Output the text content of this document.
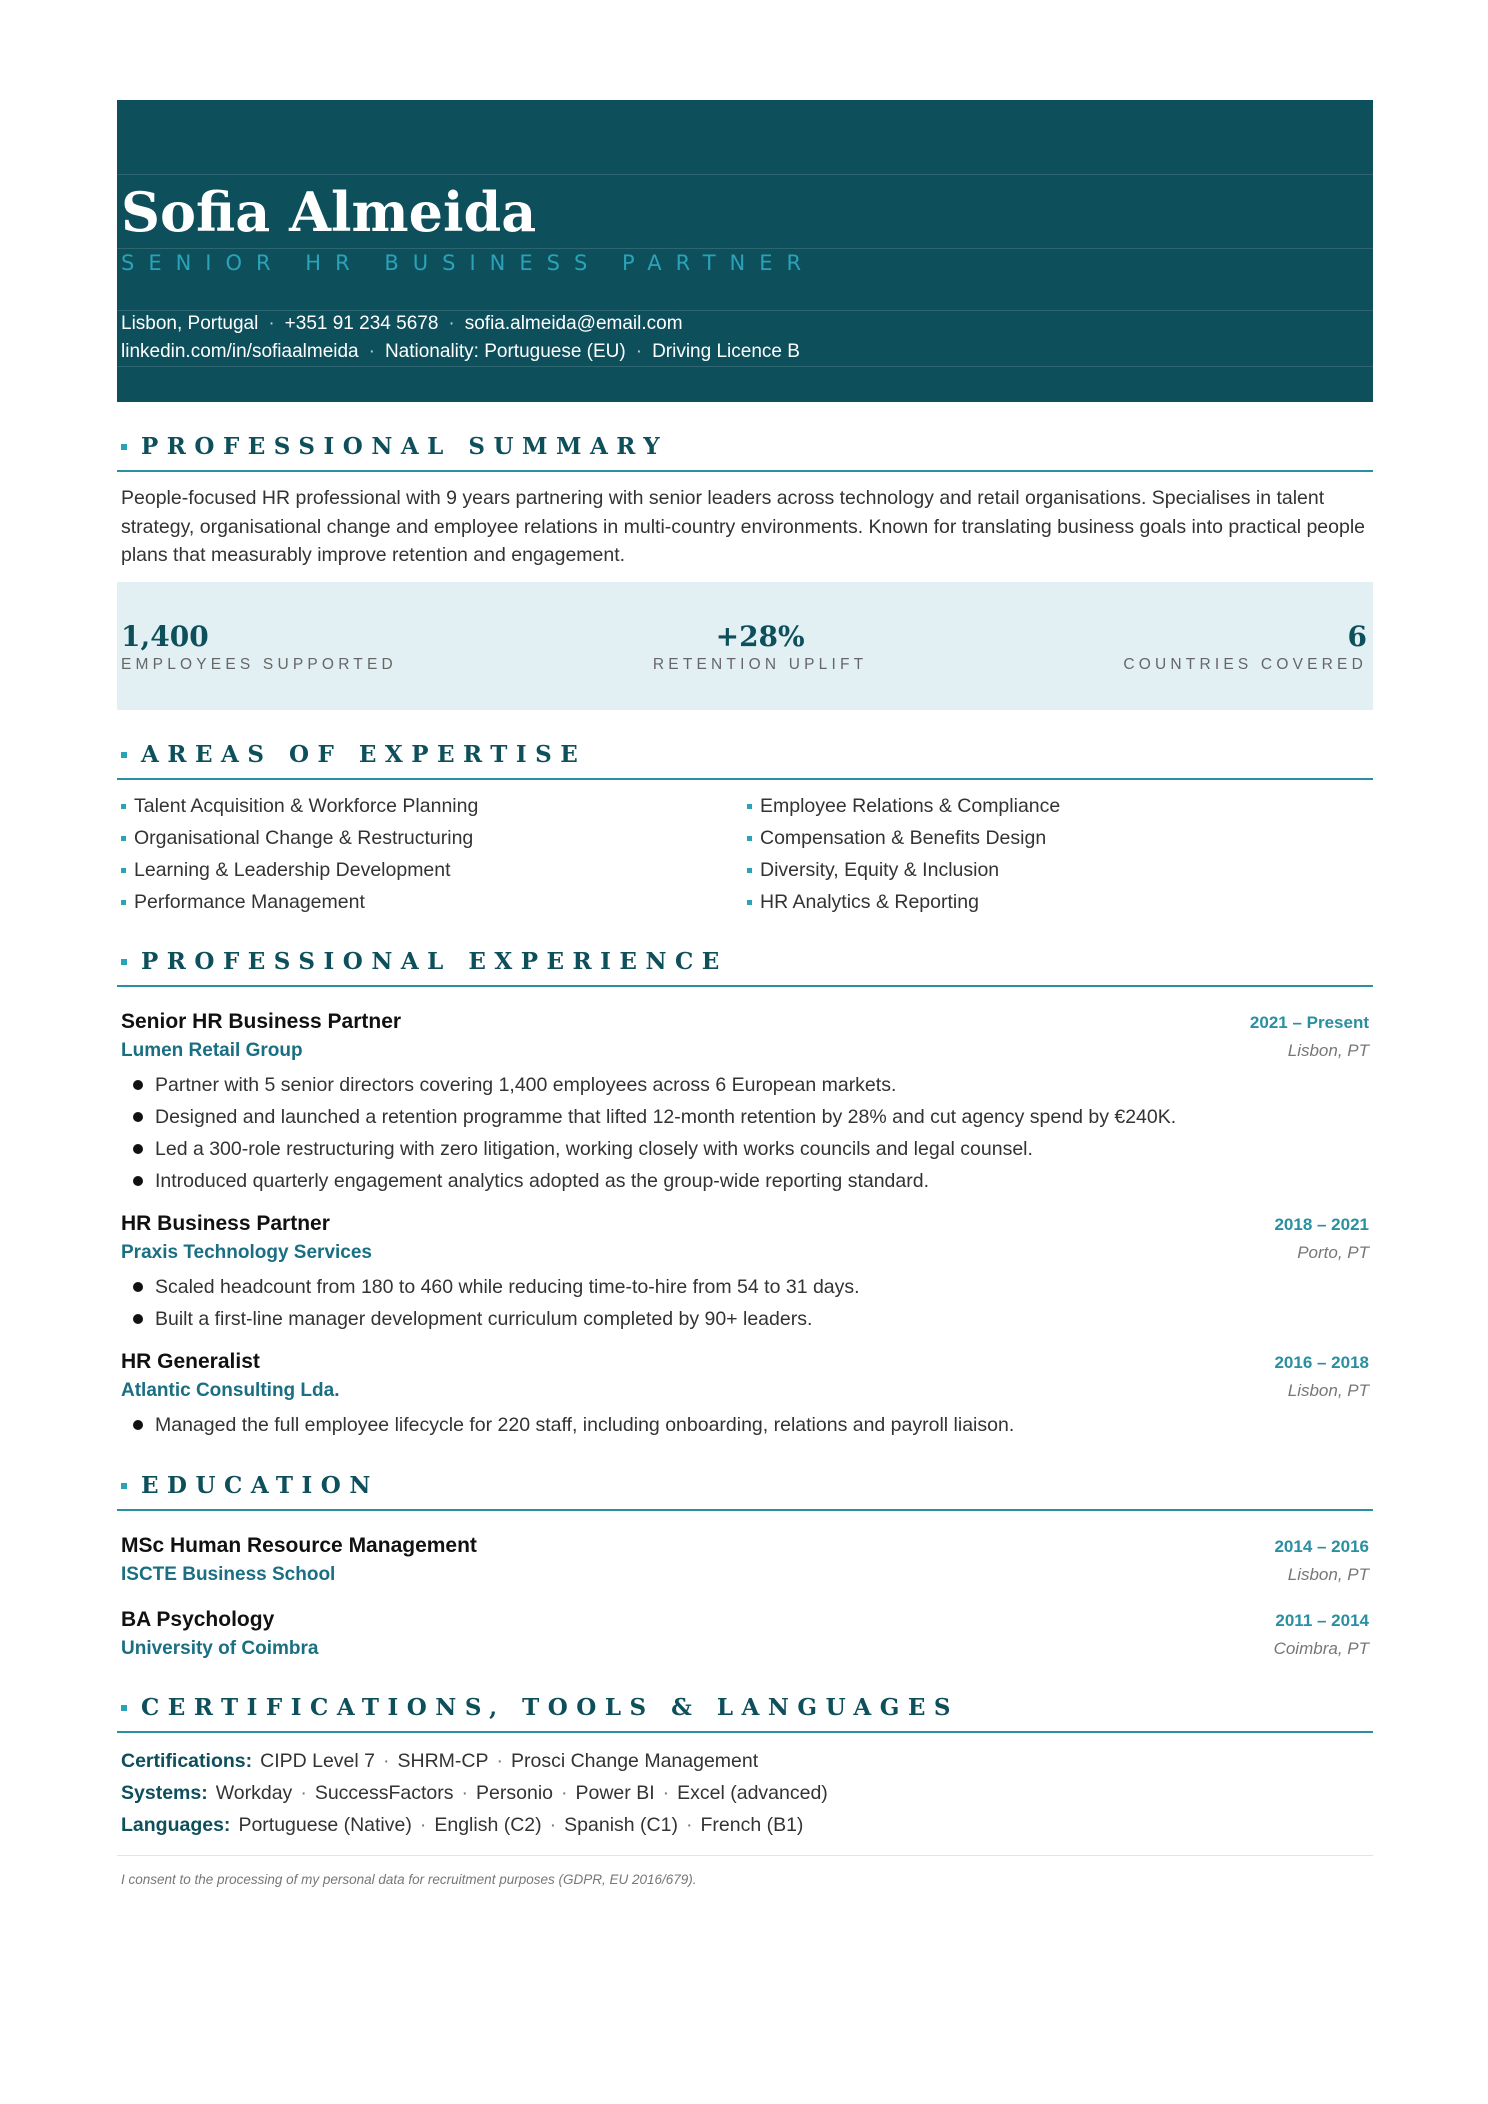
Sofia Almeida
SENIOR HR BUSINESS PARTNER
Lisbon, Portugal · +351 91 234 5678 · sofia.almeida@email.com
linkedin.com/in/sofiaalmeida · Nationality: Portuguese (EU) · Driving Licence B
PROFESSIONAL SUMMARY
People-focused HR professional with 9 years partnering with senior leaders across technology and retail organisations. Specialises in talent strategy, organisational change and employee relations in multi-country environments. Known for translating business goals into practical people plans that measurably improve retention and engagement.
1,400
EMPLOYEES SUPPORTED
+28%
RETENTION UPLIFT
6
COUNTRIES COVERED
AREAS OF EXPERTISE
Talent Acquisition & Workforce Planning	Employee Relations & Compliance
Organisational Change & Restructuring	Compensation & Benefits Design
Learning & Leadership Development	Diversity, Equity & Inclusion
Performance Management	HR Analytics & Reporting
PROFESSIONAL EXPERIENCE
Senior HR Business Partner	2021 – Present
Lumen Retail Group	Lisbon, PT
Partner with 5 senior directors covering 1,400 employees across 6 European markets.
Designed and launched a retention programme that lifted 12-month retention by 28% and cut agency spend by €240K.
Led a 300-role restructuring with zero litigation, working closely with works councils and legal counsel.
Introduced quarterly engagement analytics adopted as the group-wide reporting standard.
HR Business Partner	2018 – 2021
Praxis Technology Services	Porto, PT
Scaled headcount from 180 to 460 while reducing time-to-hire from 54 to 31 days.
Built a first-line manager development curriculum completed by 90+ leaders.
HR Generalist	2016 – 2018
Atlantic Consulting Lda.	Lisbon, PT
Managed the full employee lifecycle for 220 staff, including onboarding, relations and payroll liaison.
EDUCATION
MSc Human Resource Management	2014 – 2016
ISCTE Business School	Lisbon, PT
BA Psychology	2011 – 2014
University of Coimbra	Coimbra, PT
CERTIFICATIONS, TOOLS & LANGUAGES
Certifications: CIPD Level 7 · SHRM-CP · Prosci Change Management
Systems: Workday · SuccessFactors · Personio · Power BI · Excel (advanced)
Languages: Portuguese (Native) · English (C2) · Spanish (C1) · French (B1)
I consent to the processing of my personal data for recruitment purposes (GDPR, EU 2016/679).
